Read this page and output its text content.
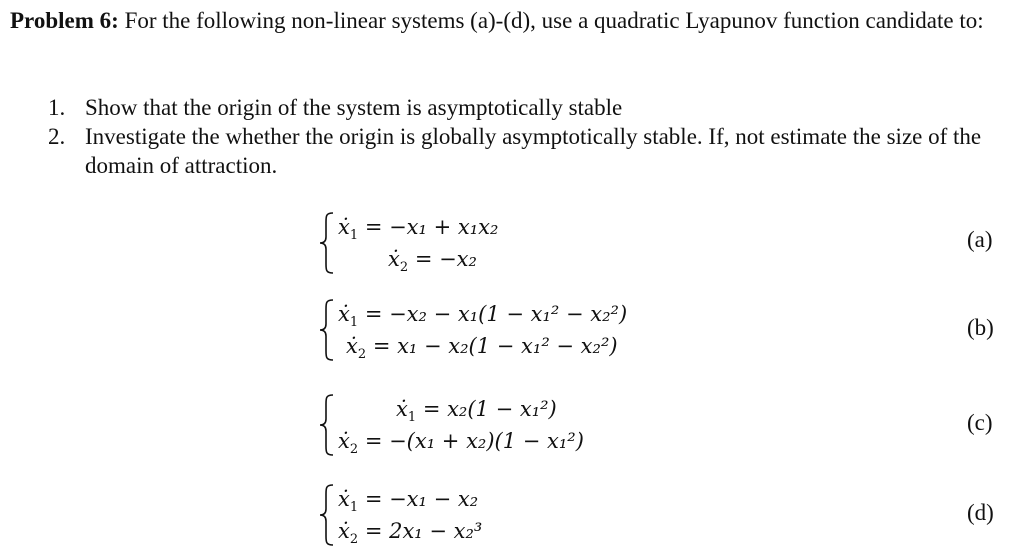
Problem 6: For the following non-linear systems (a)-(d), use a quadratic Lyapunov function candidate to:

1. Show that the origin of the system is asymptotically stable
2. Investigate the whether the origin is globally asymptotically stable. If, not estimate the size of the domain of attraction.
ẋ$_1$ = −x₁ + x₁x₂
ẋ$_2$ = −x₂
(a)
ẋ$_1$ = −x₂ − x₁(1 − x₁² − x₂²)
ẋ$_2$ = x₁ − x₂(1 − x₁² − x₂²)
(b)
ẋ$_1$ = x₂(1 − x₁²)
ẋ$_2$ = −(x₁ + x₂)(1 − x₁²)
(c)
ẋ$_1$ = −x₁ − x₂
ẋ$_2$ = 2x₁ − x₂³
(d)
